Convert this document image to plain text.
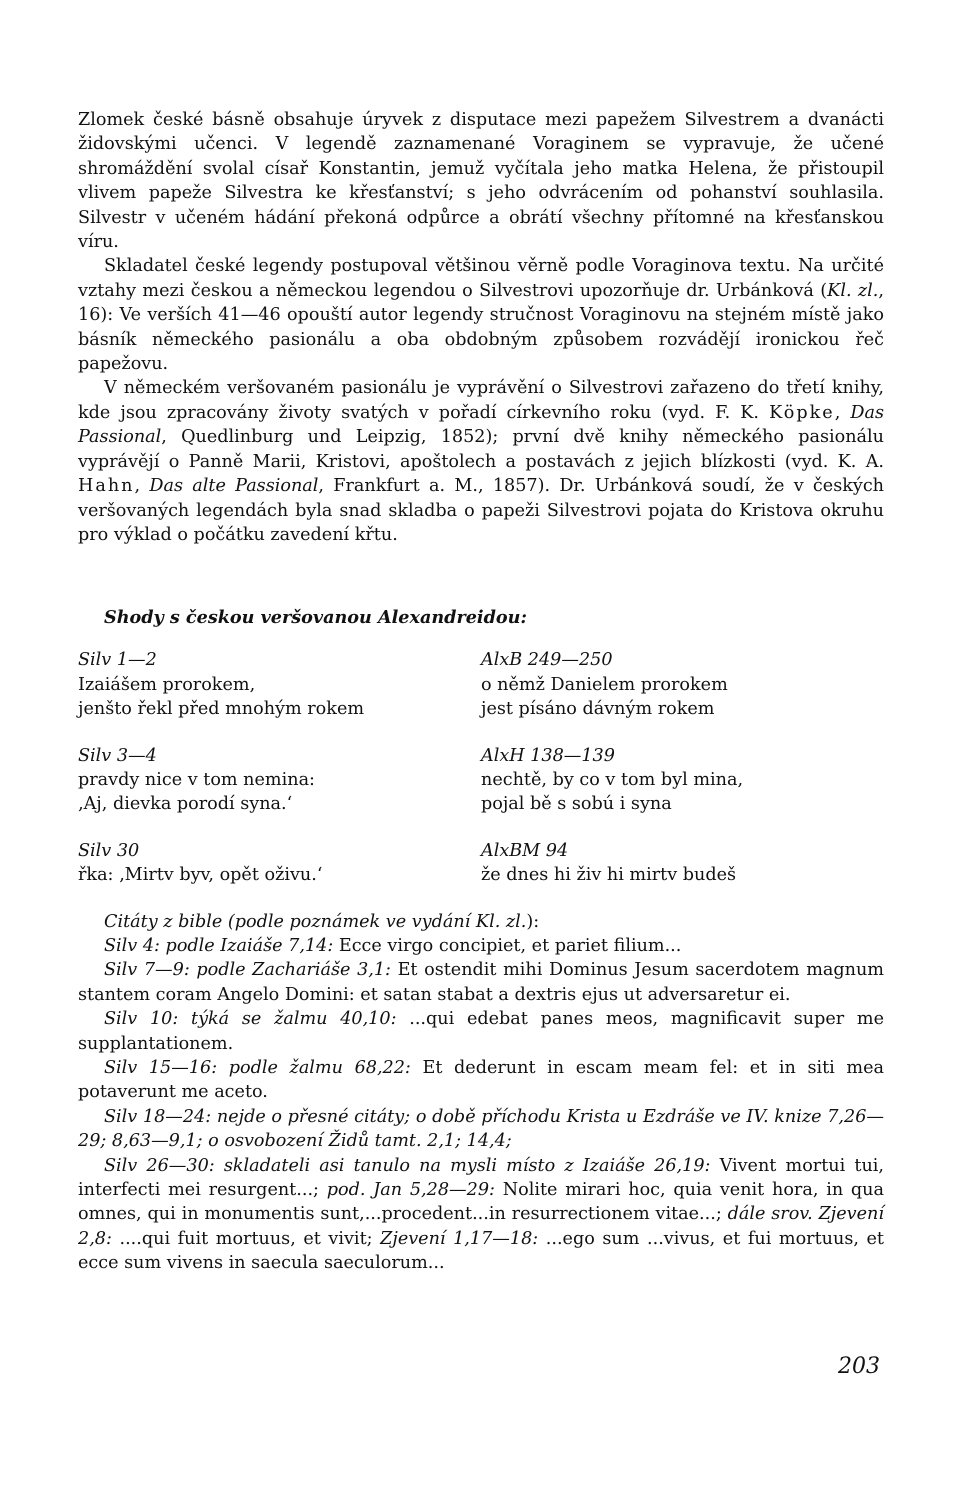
Zlomek české básně obsahuje úryvek z disputace mezi papežem Silvestrem a dvanácti židovskými učenci. V legendě zaznamenané Voraginem se vypravuje, že učené shromáždění svolal císař Konstantin, jemuž vyčítala jeho matka Helena, že přistoupil vlivem papeže Silvestra ke křesťanství; s jeho odvrácením od pohanství souhlasila. Silvestr v učeném hádání překoná odpůrce a obrátí všechny přítomné na křesťanskou víru.

Skladatel české legendy postupoval většinou věrně podle Voraginova textu. Na určité vztahy mezi českou a německou legendou o Silvestrovi upozorňuje dr. Urbánková (Kl. zl., 16): Ve verších 41—46 opouští autor legendy stručnost Voraginovu na stejném místě jako básník německého pasionálu a oba obdobným způsobem rozvádějí ironickou řeč papežovu.

V německém veršovaném pasionálu je vyprávění o Silvestrovi zařazeno do třetí knihy, kde jsou zpracovány životy svatých v pořadí církevního roku (vyd. F. K. Köpke, Das Passional, Quedlinburg und Leipzig, 1852); první dvě knihy německého pasionálu vyprávějí o Panně Marii, Kristovi, apoštolech a postavách z jejich blízkosti (vyd. K. A. Hahn, Das alte Passional, Frankfurt a. M., 1857). Dr. Urbánková soudí, že v českých veršovaných legendách byla snad skladba o papeži Silvestrovi pojata do Kristova okruhu pro výklad o počátku zavedení křtu.

Shody s českou veršovanou Alexandreidou:
Silv 1—2
Izaiášem prorokem,
jenšto řekl před mnohým rokem
AlxB 249—250
o němž Danielem prorokem
jest písáno dávným rokem
Silv 3—4
pravdy nice v tom nemina:
‚Aj, dievka porodí syna.‘
AlxH 138—139
nechtě, by co v tom byl mina,
pojal bě s sobú i syna
Silv 30
řka: ‚Mirtv byv, opět oživu.‘
AlxBM 94
že dnes hi živ hi mirtv budeš

Citáty z bible (podle poznámek ve vydání Kl. zl.):

Silv 4: podle Izaiáše 7,14: Ecce virgo concipiet, et pariet filium...

Silv 7—9: podle Zachariáše 3,1: Et ostendit mihi Dominus Jesum sacerdotem magnum stantem coram Angelo Domini: et satan stabat a dextris ejus ut adversaretur ei.

Silv 10: týká se žalmu 40,10: ...qui edebat panes meos, magnificavit super me supplantationem.

Silv 15—16: podle žalmu 68,22: Et dederunt in escam meam fel: et in siti mea potaverunt me aceto.

Silv 18—24: nejde o přesné citáty; o době příchodu Krista u Ezdráše ve IV. knize 7,26—29; 8,63—9,1; o osvobození Židů tamt. 2,1; 14,4;

Silv 26—30: skladateli asi tanulo na mysli místo z Izaiáše 26,19: Vivent mortui tui, interfecti mei resurgent...; pod. Jan 5,28—29: Nolite mirari hoc, quia venit hora, in qua omnes, qui in monumentis sunt,...procedent...in resurrectionem vitae...; dále srov. Zjevení 2,8: ....qui fuit mortuus, et vivit; Zjevení 1,17—18: ...ego sum ...vivus, et fui mortuus, et ecce sum vivens in saecula saeculorum...

203
